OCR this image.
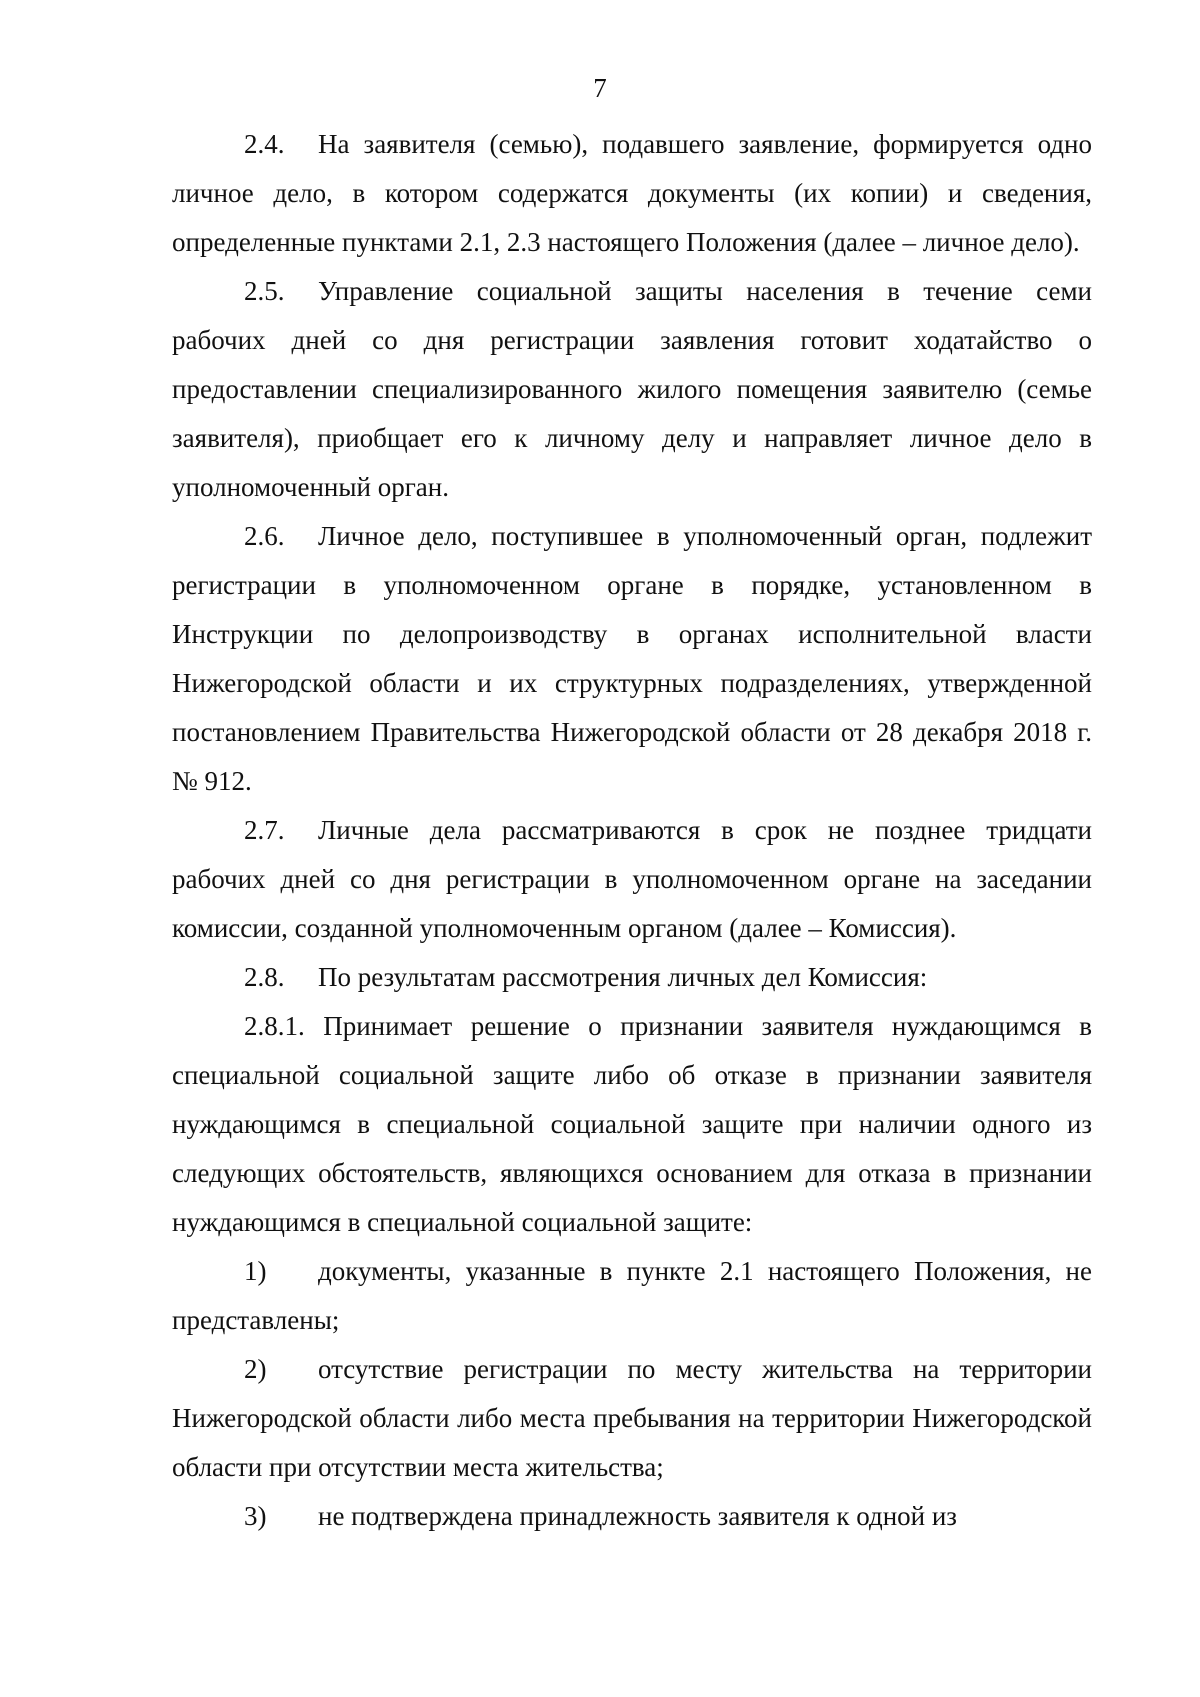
7

2.4. На заявителя (семью), подавшего заявление, формируется одно личное дело, в котором содержатся документы (их копии) и сведения, определенные пунктами 2.1, 2.3 настоящего Положения (далее – личное дело).

2.5. Управление социальной защиты населения в течение семи рабочих дней со дня регистрации заявления готовит ходатайство о предоставлении специализированного жилого помещения заявителю (семье заявителя), приобщает его к личному делу и направляет личное дело в уполномоченный орган.

2.6. Личное дело, поступившее в уполномоченный орган, подлежит регистрации в уполномоченном органе в порядке, установленном в Инструкции по делопроизводству в органах исполнительной власти Нижегородской области и их структурных подразделениях, утвержденной постановлением Правительства Нижегородской области от 28 декабря 2018 г. № 912.

2.7. Личные дела рассматриваются в срок не позднее тридцати рабочих дней со дня регистрации в уполномоченном органе на заседании комиссии, созданной уполномоченным органом (далее – Комиссия).

2.8. По результатам рассмотрения личных дел Комиссия:

2.8.1. Принимает решение о признании заявителя нуждающимся в специальной социальной защите либо об отказе в признании заявителя нуждающимся в специальной социальной защите при наличии одного из следующих обстоятельств, являющихся основанием для отказа в признании нуждающимся в специальной социальной защите:

1) документы, указанные в пункте 2.1 настоящего Положения, не представлены;

2) отсутствие регистрации по месту жительства на территории Нижегородской области либо места пребывания на территории Нижегородской области при отсутствии места жительства;

3) не подтверждена принадлежность заявителя к одной из
